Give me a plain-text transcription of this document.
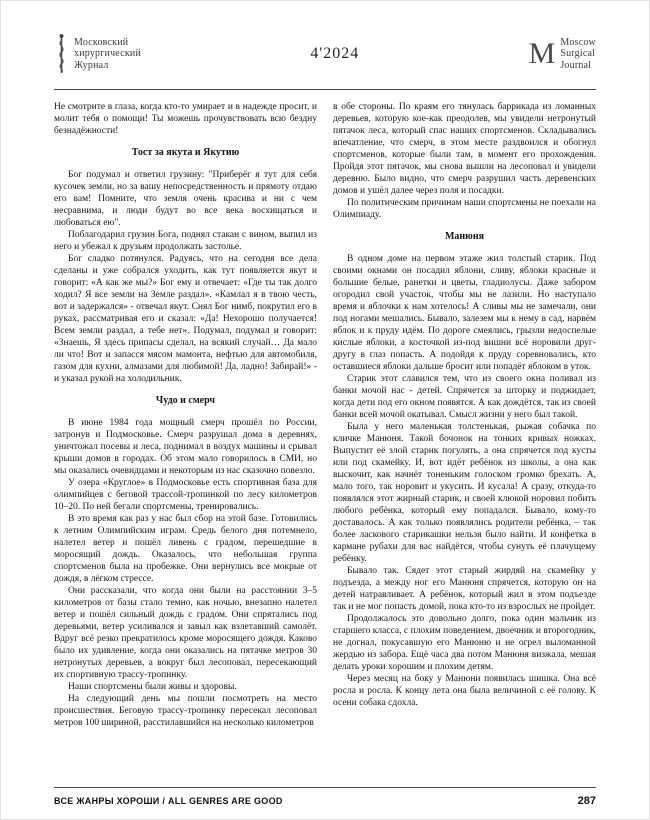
Московский
хирургический
Журнал
4'2024	M Moscow
Surgical
Journal

Не смотрите в глаза, когда кто-то умирает и в надежде просит, и молит тебя о помощи! Ты можешь прочувствовать всю бездну безнадёжности!

Тост за якута и Якутию

Бог подумал и ответил грузину: "Приберёг я тут для себя кусочек земли, но за вашу непосредственность и прямоту отдаю его вам! Помните, что земля очень красива и ни с чем несравнима, и люди будут во все века восхищаться и любоваться ею".

Поблагодарил грузин Бога, поднял стакан с вином, выпил из него и убежал к друзьям продолжать застолье.

Бог сладко потянулся. Радуясь, что на сегодня все дела сделаны и уже собрался уходить, как тут появляется якут и говорит: «А как же мы?» Бог ему и отвечает: «Где ты так долго ходил? Я все земли на Земле раздал». «Камлал я в твою честь, вот и задержался» - отвечал якут. Снял Бог нимб, покрутил его в руках, рассматривая его и сказал: «Да! Нехорошо получается! Всем земли раздал, а тебе нет». Подумал, подумал и говорит: «Знаешь, Я здесь припасы сделал, на всякий случай… Да мало ли что! Вот и запасся мясом мамонта, нефтью для автомобиля, газом для кухни, алмазами для любимой! Да, ладно! Забирай!» - и указал рукой на холодильник.

Чудо и смерч

В июне 1984 года мощный смерч прошёл по России, затронув и Подмосковье. Смерч разрушал дома в деревнях, уничтожал посевы и леса, поднимал в воздух машины и срывал крыши домов в городах. Об этом мало говорилось в СМИ, но мы оказались очевидцами и некоторым из нас сказочно повезло.

У озера «Круглое» в Подмосковье есть спортивная база для олимпийцев с беговой трассой-тропинкой по лесу километров 10–20. По ней бегали спортсмены, тренировались.

В это время как раз у нас был сбор на этой базе. Готовились к летним Олимпийским играм. Средь белого дня потемнело, налетел ветер и пошёл ливень с градом, перешедшие в моросящий дождь. Оказалось, что небольшая группа спортсменов была на пробежке. Они вернулись все мокрые от дождя, в лёгком стрессе.

Они рассказали, что когда они были на расстоянии 3–5 километров от базы стало темно, как ночью, внезапно налетел ветер и пошёл сильный дождь с градом. Они спрятались под деревьями, ветер усиливался и завыл как взлетавший самолёт. Вдруг всё резко прекратилось кроме моросящего дождя. Каково было их удивление, когда они оказались на пятачке метров 30 нетронутых деревьев, а вокруг был лесоповал, пересекающий их спортивную трассу-тропинку.

Наши спортсмены были живы и здоровы.

На следующий день мы пошли посмотреть на место происшествия. Беговую трассу-тропинку пересекал лесоповал метров 100 шириной, расстилавшийся на несколько километров

в обе стороны. По краям его тянулась баррикада из ломанных деревьев, которую кое-как преодолев, мы увидели нетронутый пятачок леса, который спас наших спортсменов. Складывались впечатление, что смерч, в этом месте раздвоился и обогнул спортсменов, которые были там, в момент его прохождения. Пройдя этот пятачок, мы снова вышли на лесоповал и увидели деревню. Было видно, что смерч разрушил часть деревенских домов и ушёл далее через поля и посадки.

По политическим причинам наши спортсмены не поехали на Олимпиаду.

Манюня

В одном доме на первом этаже жил толстый старик. Под своими окнами он посадил яблони, сливу, яблоки красные и большие белые, ранетки и цветы, гладиолусы. Даже забором огородил свой участок, чтобы мы не лазили. Но наступало время и яблочки к нам хотелось! А сливы мы не замечали, они под ногами мешались. Бывало, залезем мы к нему в сад, нарвём яблок и к пруду идём. По дороге смеялись, грызли недоспелые кислые яблоки, а косточкой из-под вишни всё норовили друг-другу в глаз попасть. А подойдя к пруду соревновались, кто оставшиеся яблоки дальше бросит или попадёт яблоком в уток.

Старик этот славился тем, что из своего окна поливал из банки мочой нас - детей. Спрячется за шторку и поджидает, когда дети под его окном появятся. А как дождётся, так из своей банки всей мочой окатывал. Смысл жизни у него был такой.

Была у него маленькая толстенькая, рыжая собачка по кличке Манюня. Такой бочонок на тонких кривых ножках. Выпустит её злой старик погулять, а она спрячется под кусты или под скамейку. И, вот идёт ребёнок из школы, а она как выскочит, как начнёт тоненьким голоском громко брехать. А, мало того, так норовит и укусить. И кусала! А сразу, откуда-то появлялся этот жирный старик, и своей клюкой норовил побить любого ребёнка, который ему попадался. Бывало, кому-то доставалось. А как только появлялись родители ребёнка, – так более ласкового старикашки нельзя было найти. И конфетка в кармане рубахи для вас найдётся, чтобы сунуть её плачущему ребёнку.

Бывало так. Сядет этот старый жирдяй на скамейку у подъезда, а между ног его Манюня спрячется, которую он на детей натравливает. А ребёнок, который жил в этом подъезде так и не мог попасть домой, пока кто-то из взрослых не пройдет.

Продолжалось это довольно долго, пока один мальчик из старшего класса, с плохим поведением, двоечник и второгодник, не догнал, покусавшую его Манюню и не огрел выломанной жердью из забора. Ещё часа два потом Манюня визжала, мешая делать уроки хорошим и плохим детям.

Через месяц на боку у Манюни появилась шишка. Она всё росла и росла. К концу лета она была величиной с её голову. К осени собака сдохла.

ВСЕ ЖАНРЫ ХОРОШИ / ALL GENRES ARE GOOD	287
